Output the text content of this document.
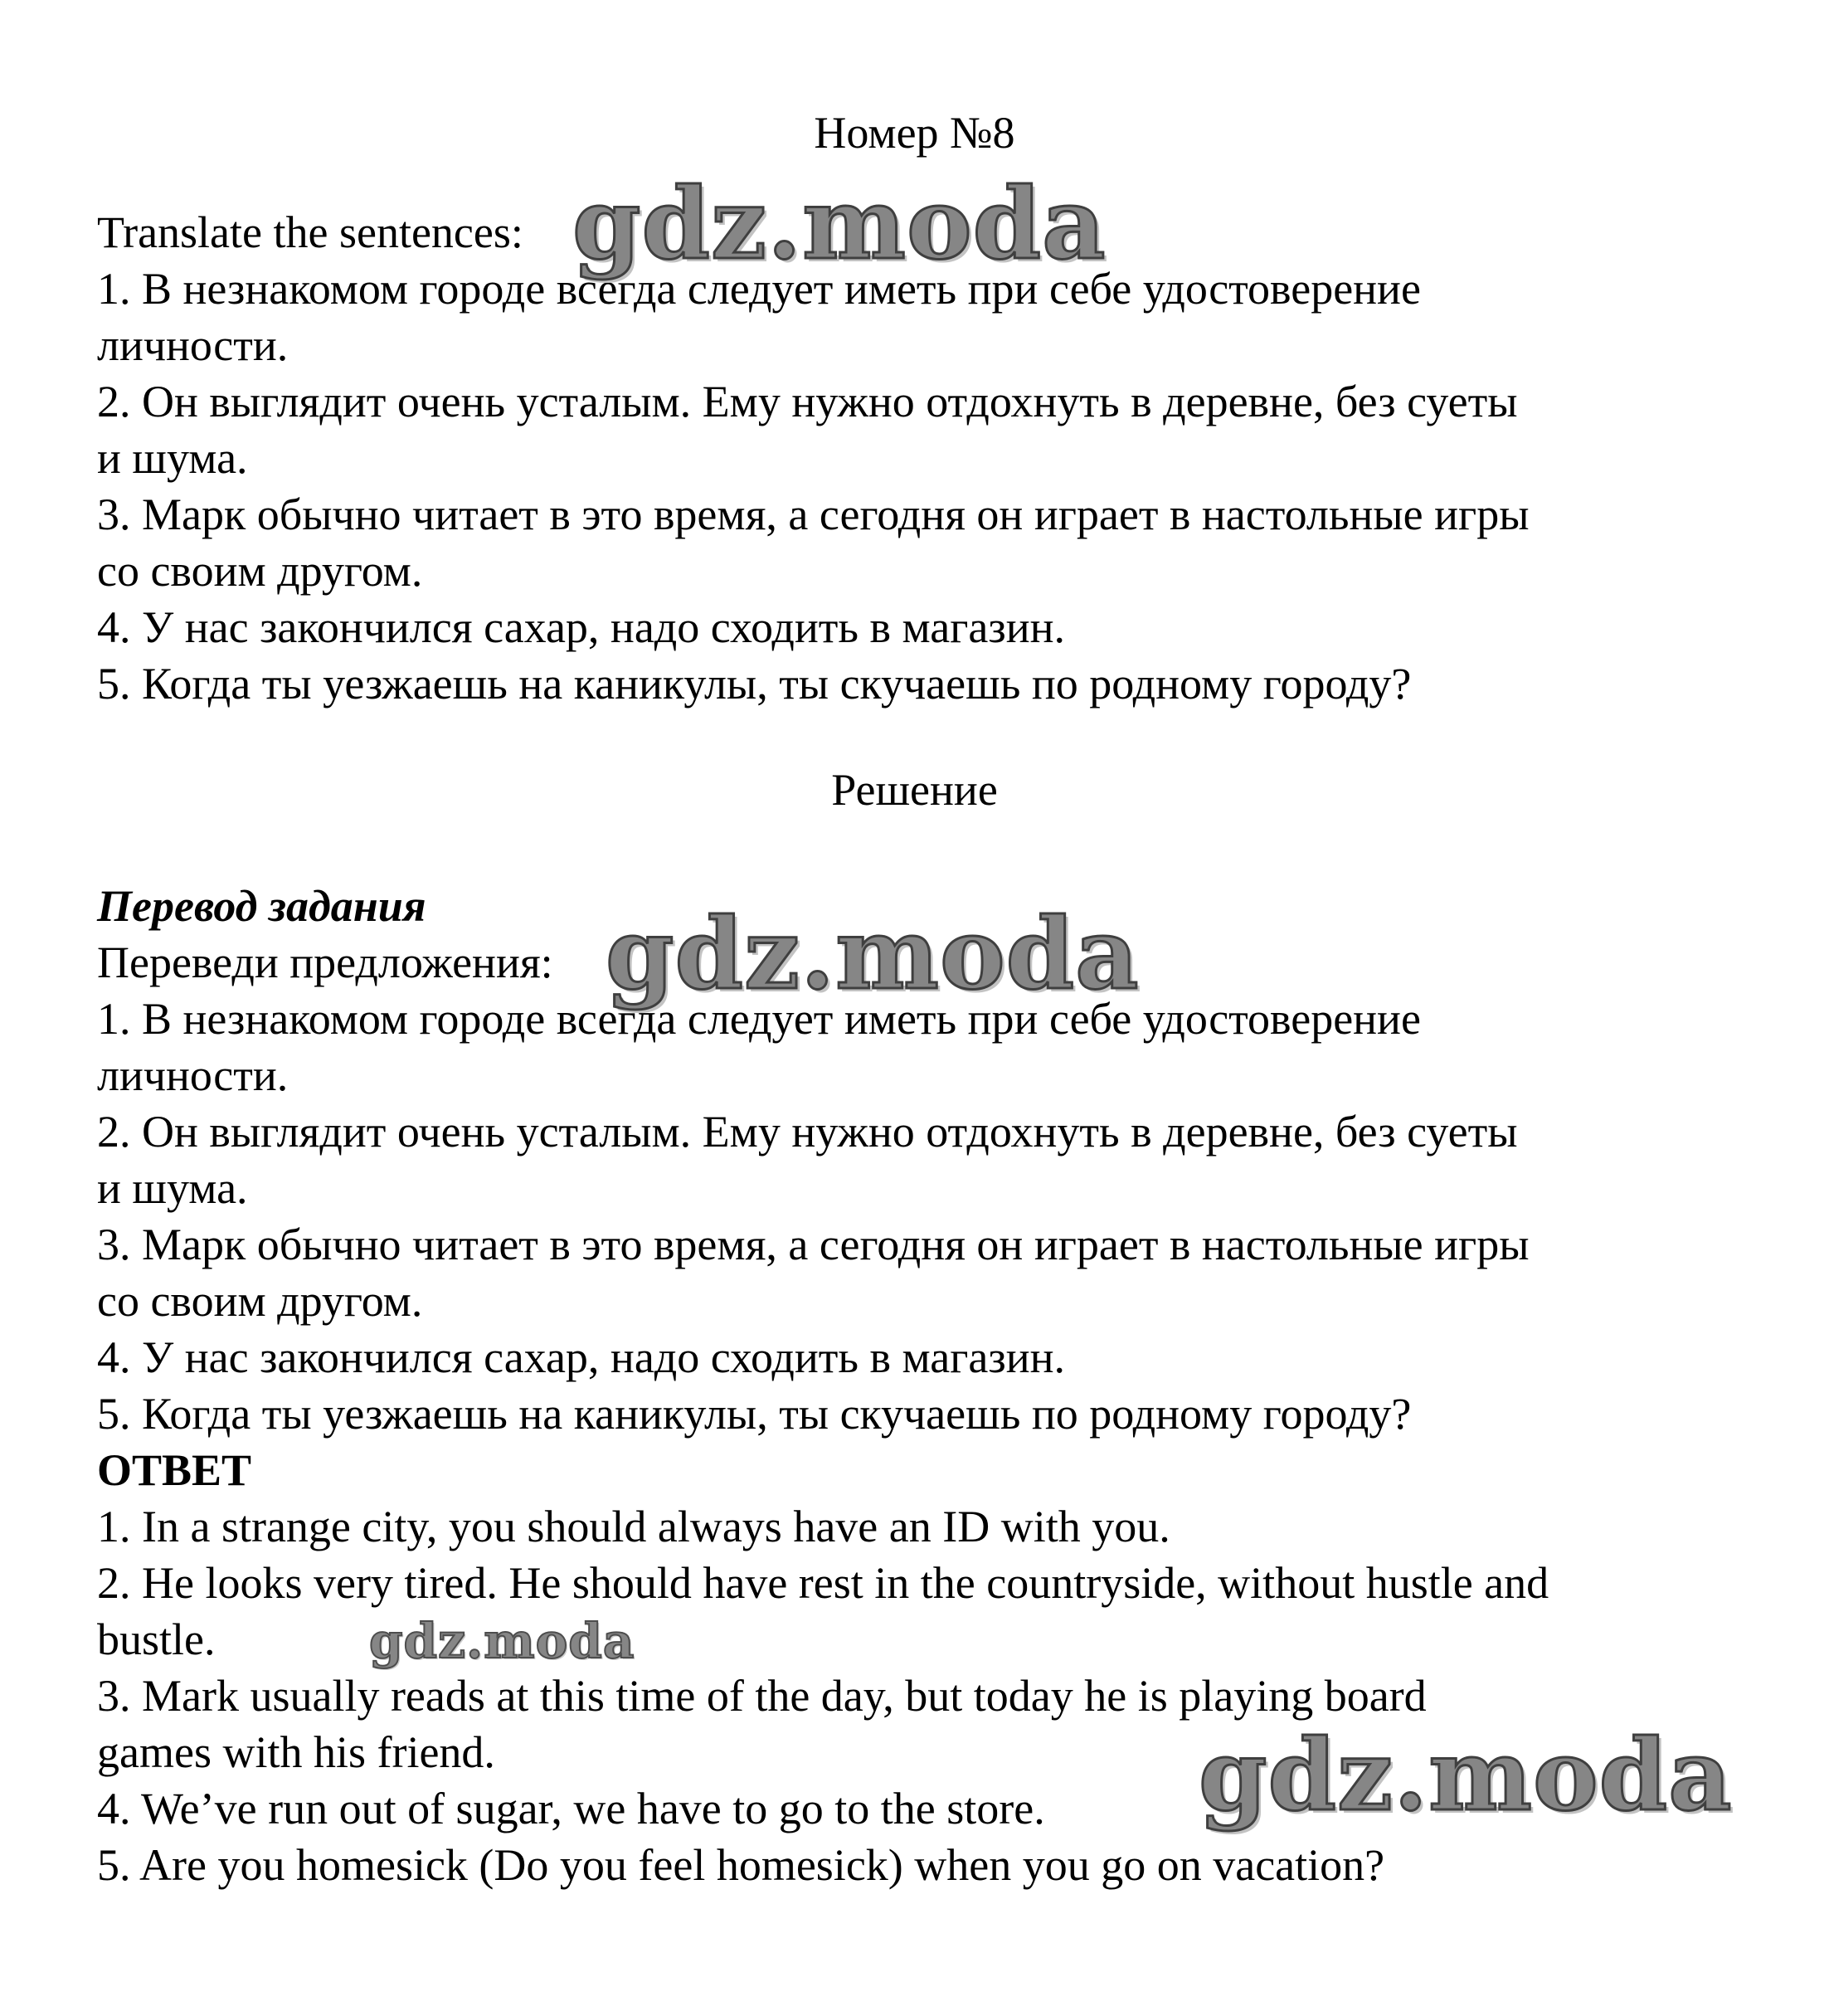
Номер №8
Translate the sentences:
1. В незнакомом городе всегда следует иметь при себе удостоверение
личности.
2. Он выглядит очень усталым. Ему нужно отдохнуть в деревне, без суеты
и шума.
3. Марк обычно читает в это время, а сегодня он играет в настольные игры
со своим другом.
4. У нас закончился сахар, надо сходить в магазин.
5. Когда ты уезжаешь на каникулы, ты скучаешь по родному городу?
Решение
Перевод задания
Переведи предложения:
1. В незнакомом городе всегда следует иметь при себе удостоверение
личности.
2. Он выглядит очень усталым. Ему нужно отдохнуть в деревне, без суеты
и шума.
3. Марк обычно читает в это время, а сегодня он играет в настольные игры
со своим другом.
4. У нас закончился сахар, надо сходить в магазин.
5. Когда ты уезжаешь на каникулы, ты скучаешь по родному городу?
ОТВЕТ
1. In a strange city, you should always have an ID with you.
2. He looks very tired. He should have rest in the countryside, without hustle and
bustle.
3. Mark usually reads at this time of the day, but today he is playing board
games with his friend.
4. We’ve run out of sugar, we have to go to the store.
5. Are you homesick (Do you feel homesick) when you go on vacation?
gdz.moda
gdz.moda
gdz.moda
gdz.moda
